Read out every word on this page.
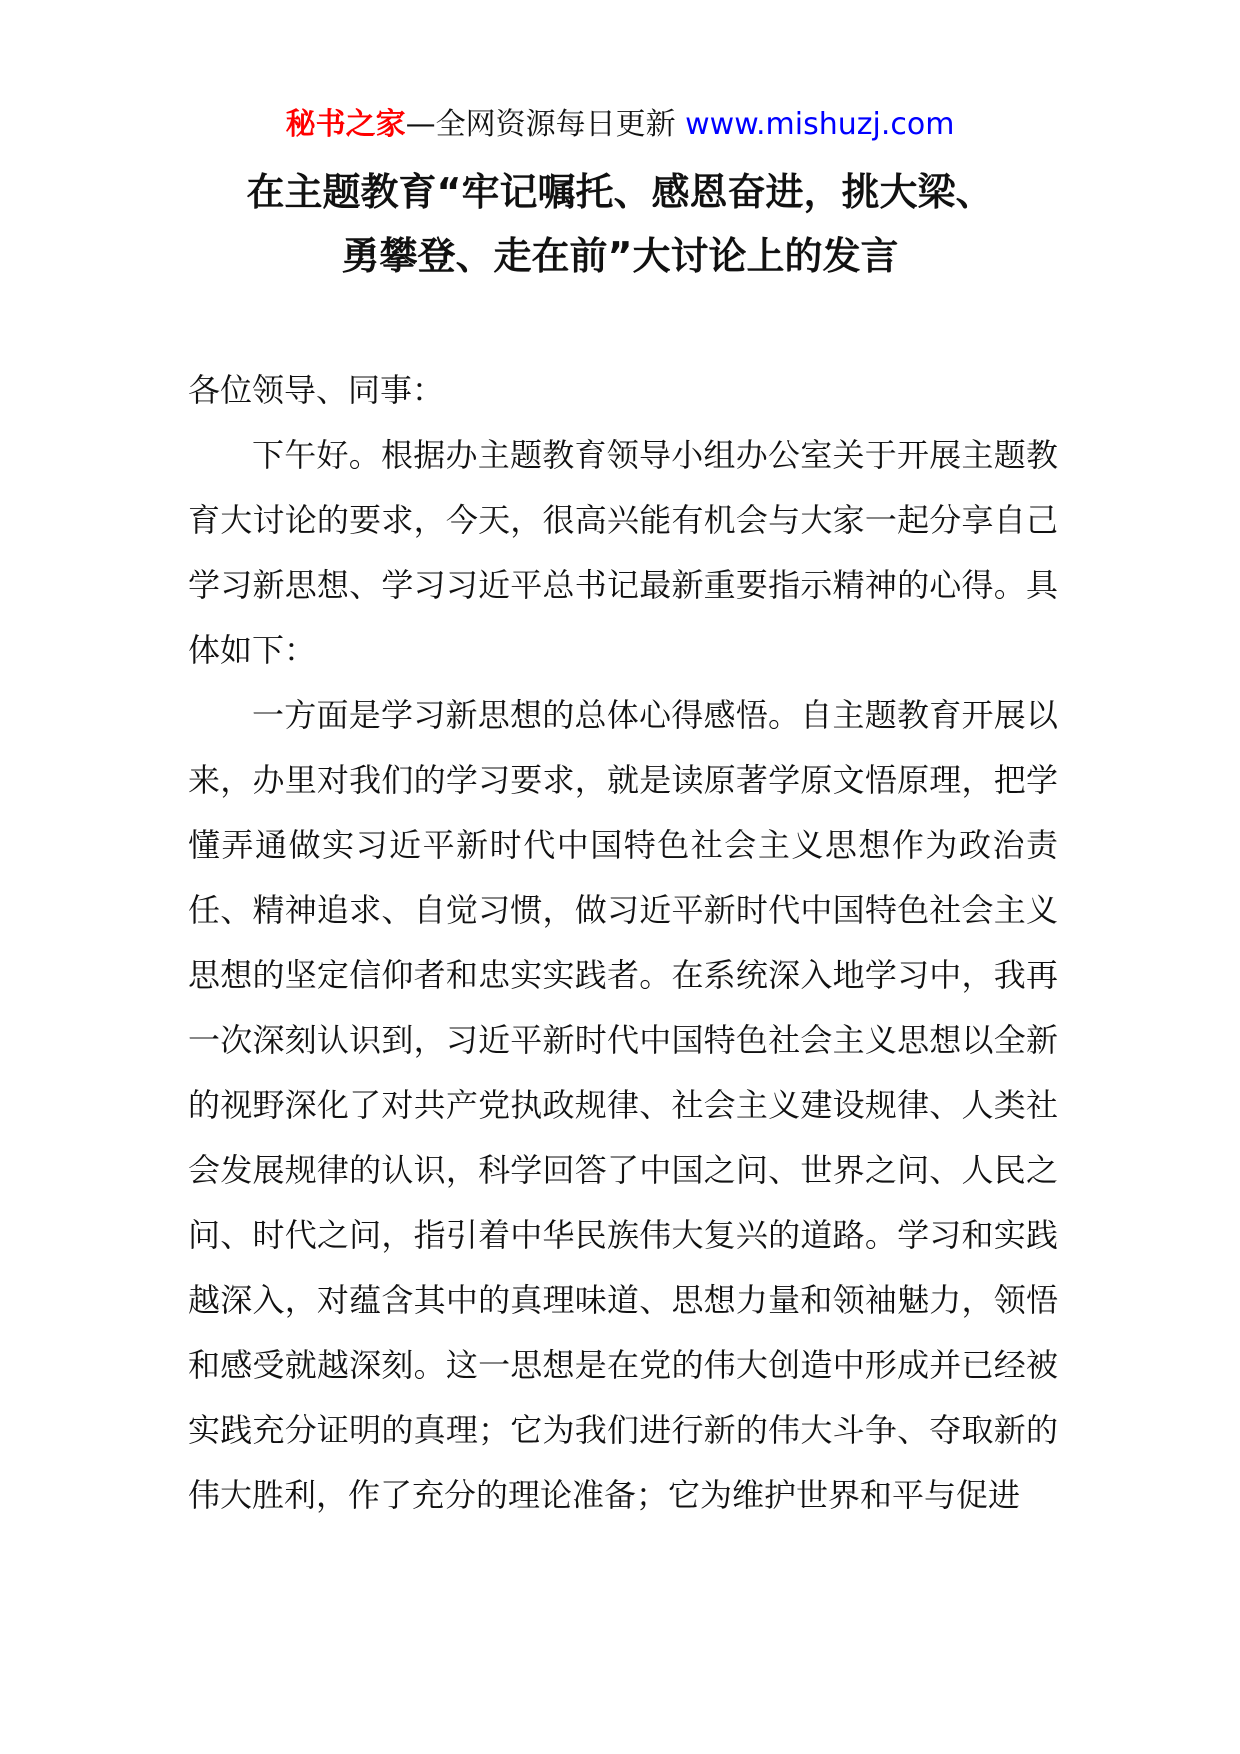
秘书之家—全网资源每日更新 www.mishuzj.com
在主题教育“牢记嘱托、感恩奋进，挑大梁、
勇攀登、走在前”大讨论上的发言

各位领导、同事：

下午好。根据办主题教育领导小组办公室关于开展主题教育大讨论的要求，今天，很高兴能有机会与大家一起分享自己学习新思想、学习习近平总书记最新重要指示精神的心得。具体如下：

一方面是学习新思想的总体心得感悟。自主题教育开展以来，办里对我们的学习要求，就是读原著学原文悟原理，把学懂弄通做实习近平新时代中国特色社会主义思想作为政治责任、精神追求、自觉习惯，做习近平新时代中国特色社会主义思想的坚定信仰者和忠实实践者。在系统深入地学习中，我再一次深刻认识到，习近平新时代中国特色社会主义思想以全新的视野深化了对共产党执政规律、社会主义建设规律、人类社会发展规律的认识，科学回答了中国之问、世界之问、人民之问、时代之问，指引着中华民族伟大复兴的道路。学习和实践越深入，对蕴含其中的真理味道、思想力量和领袖魅力，领悟和感受就越深刻。这一思想是在党的伟大创造中形成并已经被实践充分证明的真理；它为我们进行新的伟大斗争、夺取新的伟大胜利，作了充分的理论准备；它为维护世界和平与促进
